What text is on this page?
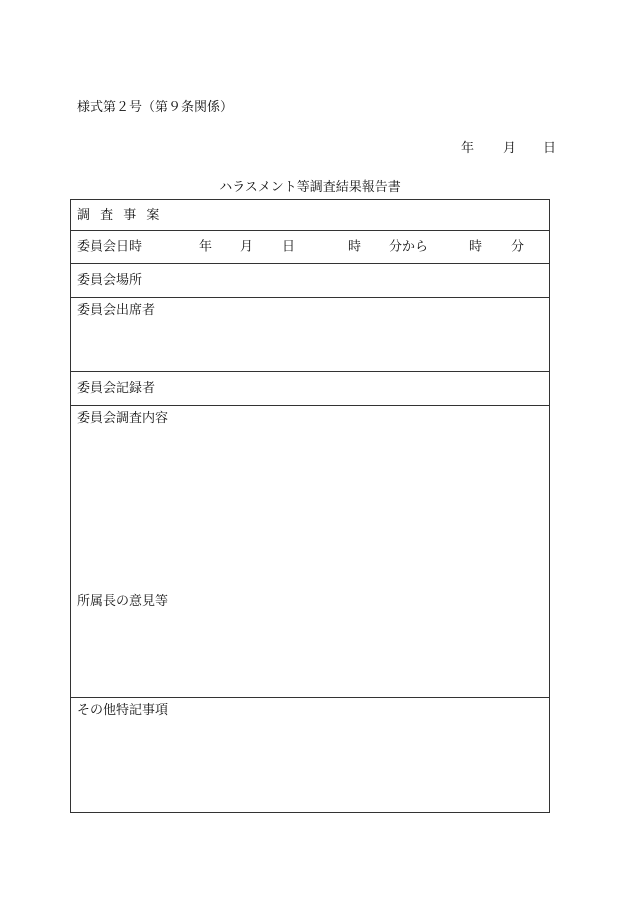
様式第２号（第９条関係）
年 月 日
ハラスメント等調査結果報告書
調 査 事 案

委員会日時	年 月 日	時 分から	時 分

委員会場所
委員会出席者
委員会記録者
委員会調査内容
所属長の意見等

その他特記事項
